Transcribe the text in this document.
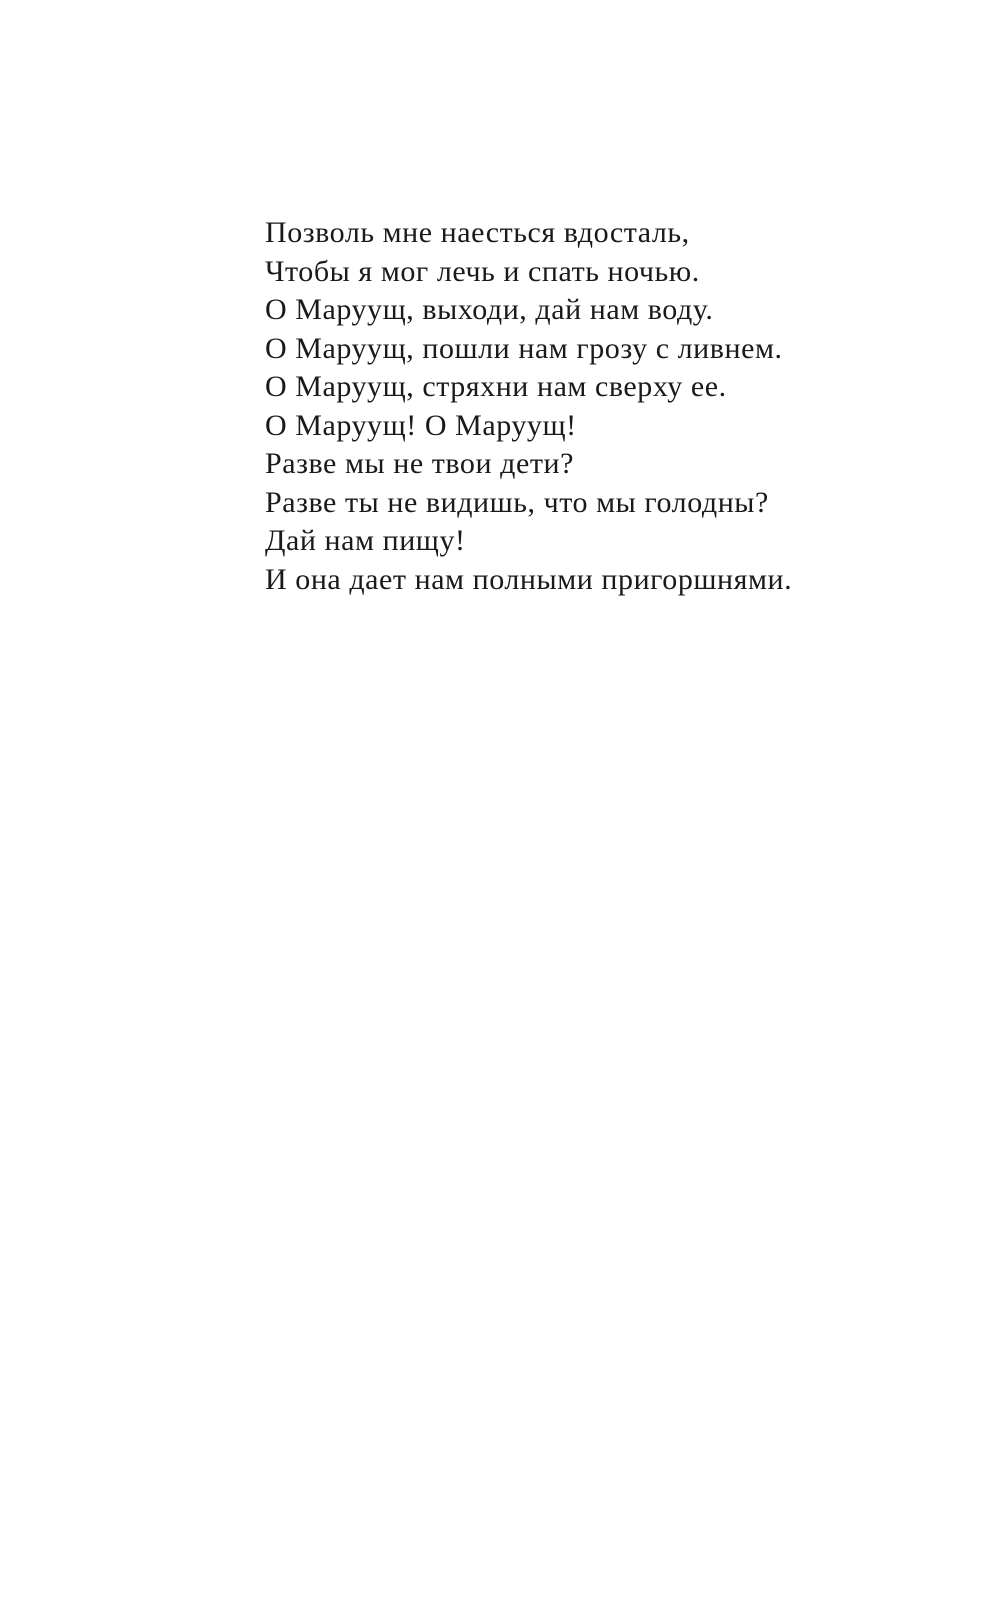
Позволь мне наесться вдосталь,
Чтобы я мог лечь и спать ночью.
О Маруущ, выходи, дай нам воду.
О Маруущ, пошли нам грозу с ливнем.
О Маруущ, стряхни нам сверху ее.
О Маруущ! О Маруущ!
Разве мы не твои дети?
Разве ты не видишь, что мы голодны?
Дай нам пищу!
И она дает нам полными пригоршнями.
